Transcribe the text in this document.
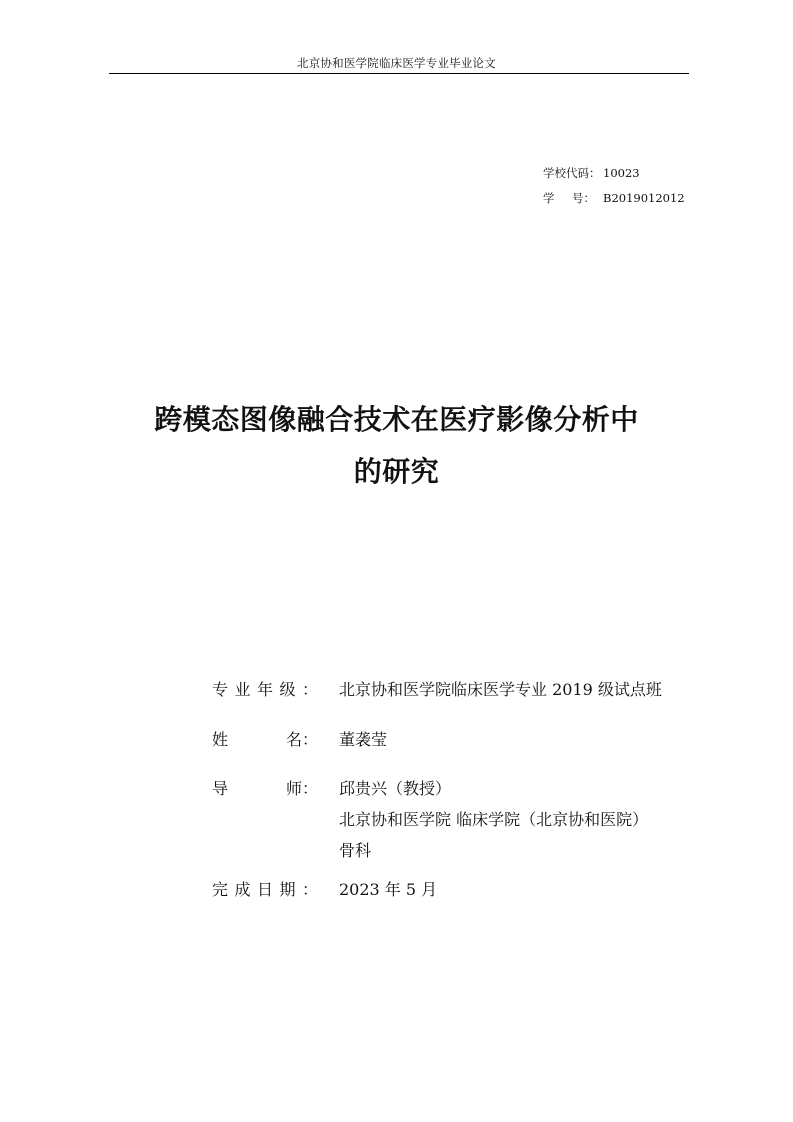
北京协和医学院临床医学专业毕业论文
学校代码： 10023
学 号： B2019012012
跨模态图像融合技术在医疗影像分析中
的研究
专 业 年 级 ： 北京协和医学院临床医学专业 2019 级试点班
姓	名： 董袭莹
导	师： 邱贵兴（教授）
北京协和医学院 临床学院（北京协和医院）
骨科
完 成 日 期 ： 2023 年 5 月
